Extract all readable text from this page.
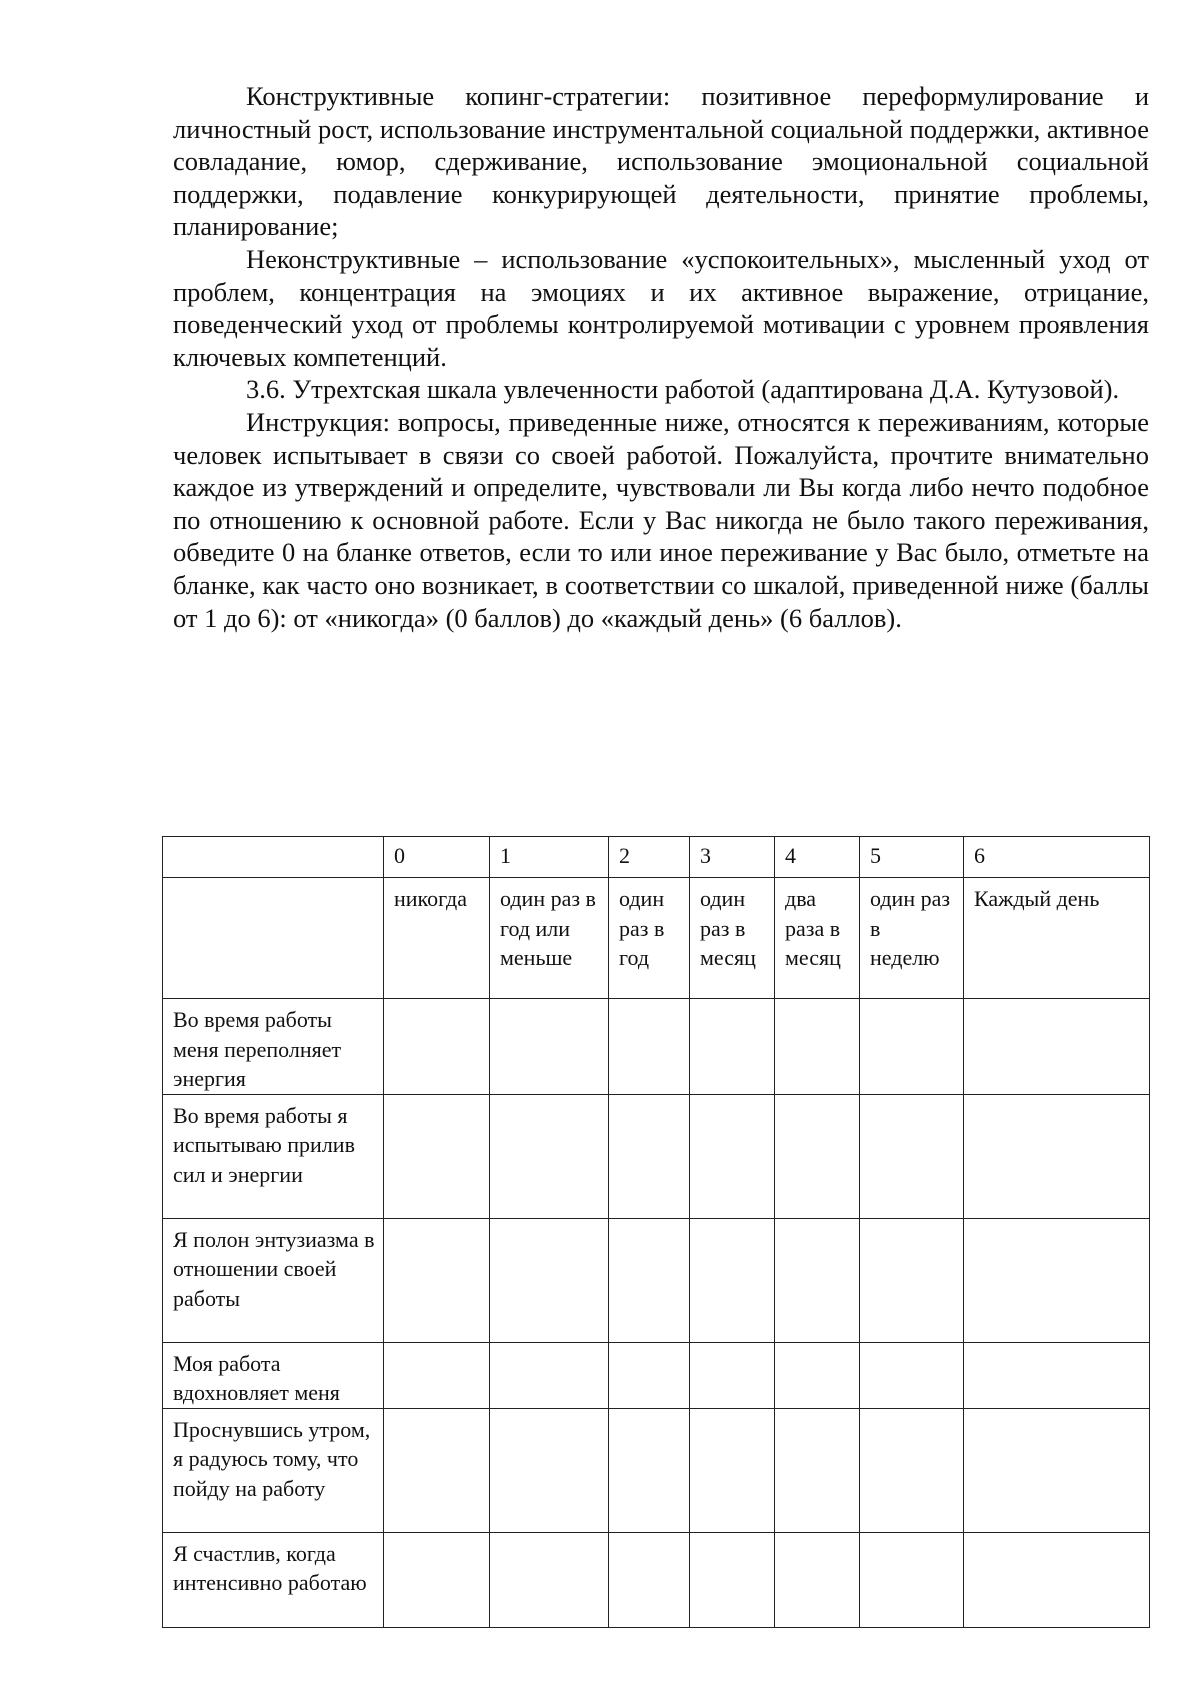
Конструктивные копинг-стратегии: позитивное переформулирование и личностный рост, использование инструментальной социальной поддержки, активное совладание, юмор, сдерживание, использование эмоциональной социальной поддержки, подавление конкурирующей деятельности, принятие проблемы, планирование;

Неконструктивные – использование «успокоительных», мысленный уход от проблем, концентрация на эмоциях и их активное выражение, отрицание, поведенческий уход от проблемы контролируемой мотивации с уровнем проявления ключевых компетенций.

3.6. Утрехтская шкала увлеченности работой (адаптирована Д.А. Кутузовой).

Инструкция: вопросы, приведенные ниже, относятся к переживаниям, которые человек испытывает в связи со своей работой. Пожалуйста, прочтите внимательно каждое из утверждений и определите, чувствовали ли Вы когда либо нечто подобное по отношению к основной работе. Если у Вас никогда не было такого переживания, обведите 0 на бланке ответов, если то или иное переживание у Вас было, отметьте на бланке, как часто оно возникает, в соответствии со шкалой, приведенной ниже (баллы от 1 до 6): от «никогда» (0 баллов) до «каждый день» (6 баллов).

	0	1	2	3	4	5	6
	никогда	один раз в год или меньше	один раз в год	один раз в месяц	два раза в месяц	один раз в неделю	Каждый день
Во время работы меня переполняет энергия							
Во время работы я испытываю прилив сил и энергии							
Я полон энтузиазма в отношении своей работы							
Моя работа вдохновляет меня							
Проснувшись утром, я радуюсь тому, что пойду на работу							
Я счастлив, когда интенсивно работаю							
